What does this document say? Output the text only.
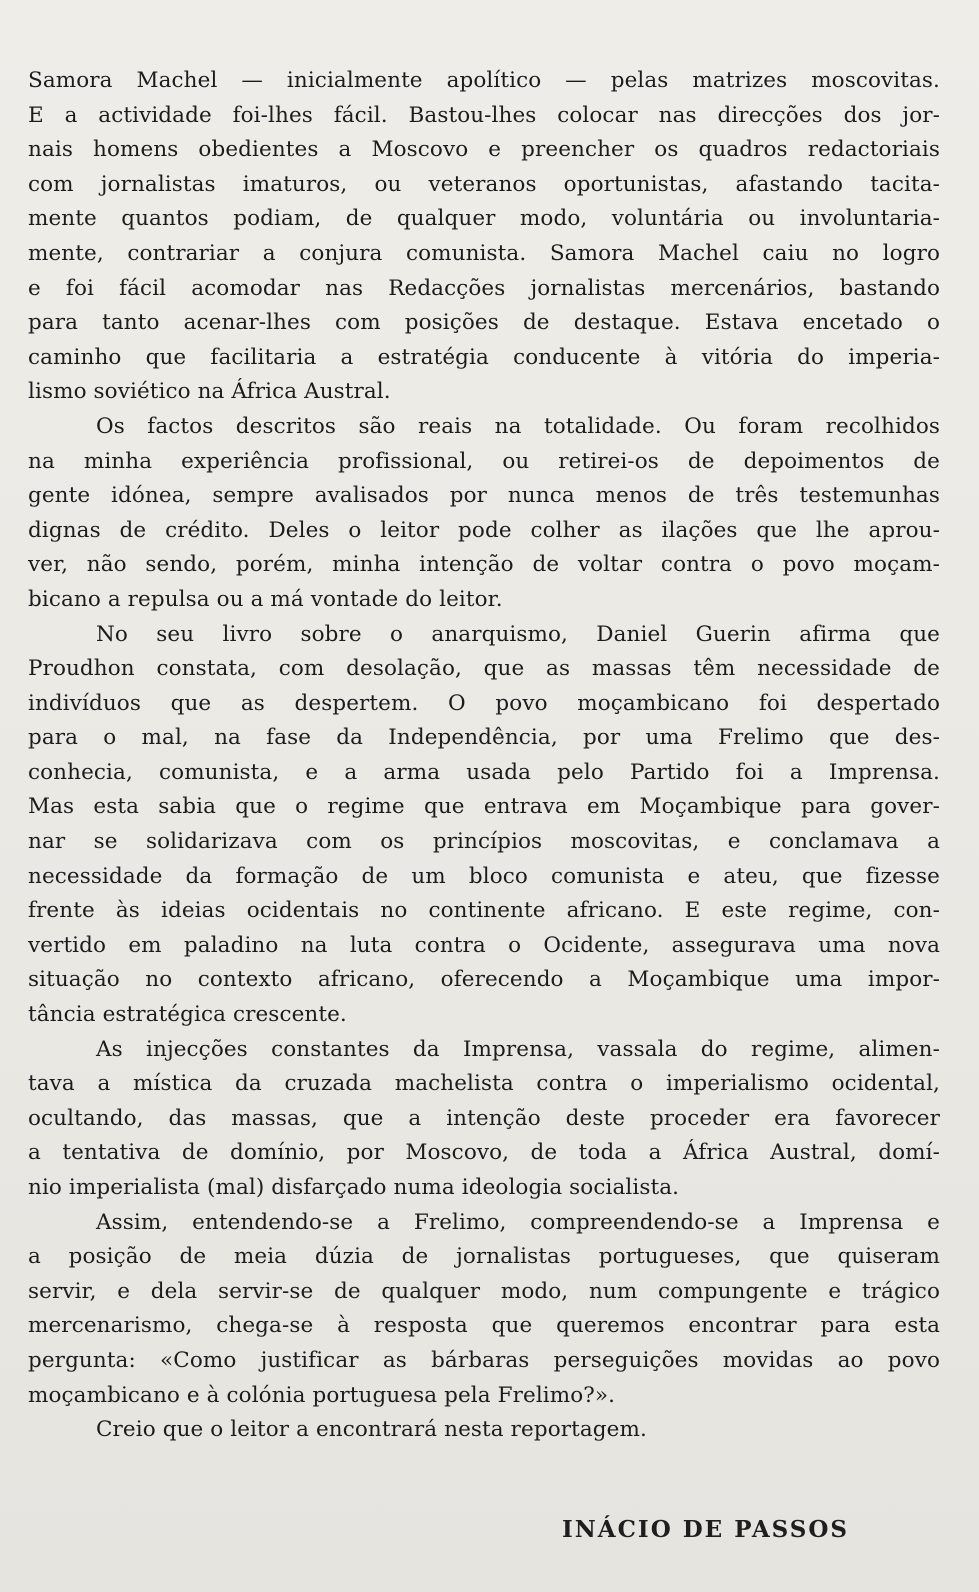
Samora Machel — inicialmente apolítico — pelas matrizes moscovitas.
E a actividade foi-lhes fácil. Bastou-lhes colocar nas direcções dos jor-
nais homens obedientes a Moscovo e preencher os quadros redactoriais
com jornalistas imaturos, ou veteranos oportunistas, afastando tacita-
mente quantos podiam, de qualquer modo, voluntária ou involuntaria-
mente, contrariar a conjura comunista. Samora Machel caiu no logro
e foi fácil acomodar nas Redacções jornalistas mercenários, bastando
para tanto acenar-lhes com posições de destaque. Estava encetado o
caminho que facilitaria a estratégia conducente à vitória do imperia-
lismo soviético na África Austral.
Os factos descritos são reais na totalidade. Ou foram recolhidos
na minha experiência profissional, ou retirei-os de depoimentos de
gente idónea, sempre avalisados por nunca menos de três testemunhas
dignas de crédito. Deles o leitor pode colher as ilações que lhe aprou-
ver, não sendo, porém, minha intenção de voltar contra o povo moçam-
bicano a repulsa ou a má vontade do leitor.
No seu livro sobre o anarquismo, Daniel Guerin afirma que
Proudhon constata, com desolação, que as massas têm necessidade de
indivíduos que as despertem. O povo moçambicano foi despertado
para o mal, na fase da Independência, por uma Frelimo que des-
conhecia, comunista, e a arma usada pelo Partido foi a Imprensa.
Mas esta sabia que o regime que entrava em Moçambique para gover-
nar se solidarizava com os princípios moscovitas, e conclamava a
necessidade da formação de um bloco comunista e ateu, que fizesse
frente às ideias ocidentais no continente africano. E este regime, con-
vertido em paladino na luta contra o Ocidente, assegurava uma nova
situação no contexto africano, oferecendo a Moçambique uma impor-
tância estratégica crescente.
As injecções constantes da Imprensa, vassala do regime, alimen-
tava a mística da cruzada machelista contra o imperialismo ocidental,
ocultando, das massas, que a intenção deste proceder era favorecer
a tentativa de domínio, por Moscovo, de toda a África Austral, domí-
nio imperialista (mal) disfarçado numa ideologia socialista.
Assim, entendendo-se a Frelimo, compreendendo-se a Imprensa e
a posição de meia dúzia de jornalistas portugueses, que quiseram
servir, e dela servir-se de qualquer modo, num compungente e trágico
mercenarismo, chega-se à resposta que queremos encontrar para esta
pergunta: «Como justificar as bárbaras perseguições movidas ao povo
moçambicano e à colónia portuguesa pela Frelimo?».
Creio que o leitor a encontrará nesta reportagem.
INÁCIO DE PASSOS
